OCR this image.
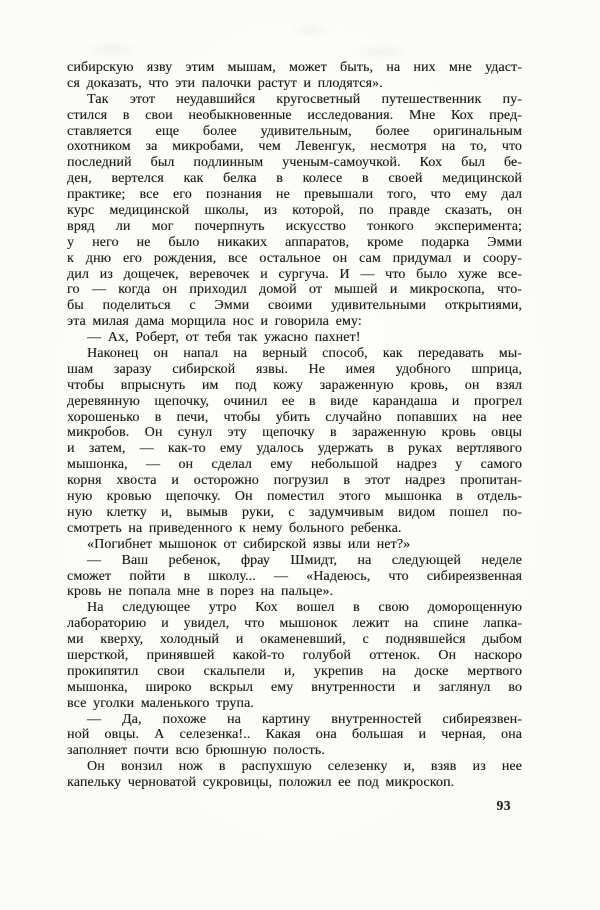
сибирскую язву этим мышам, может быть, на них мне удаст-
ся доказать, что эти палочки растут и плодятся».
Так этот неудавшийся кругосветный путешественник пу-
стился в свои необыкновенные исследования. Мне Кох пред-
ставляется еще более удивительным, более оригинальным
охотником за микробами, чем Левенгук, несмотря на то, что
последний был подлинным ученым-самоучкой. Кох был бе-
ден, вертелся как белка в колесе в своей медицинской
практике; все его познания не превышали того, что ему дал
курс медицинской школы, из которой, по правде сказать, он
вряд ли мог почерпнуть искусство тонкого эксперимента;
у него не было никаких аппаратов, кроме подарка Эмми
к дню его рождения, все остальное он сам придумал и соору-
дил из дощечек, веревочек и сургуча. И — что было хуже все-
го — когда он приходил домой от мышей и микроскопа, что-
бы поделиться с Эмми своими удивительными открытиями,
эта милая дама морщила нос и говорила ему:
— Ах, Роберт, от тебя так ужасно пахнет!
Наконец он напал на верный способ, как передавать мы-
шам заразу сибирской язвы. Не имея удобного шприца,
чтобы впрыснуть им под кожу зараженную кровь, он взял
деревянную щепочку, очинил ее в виде карандаша и прогрел
хорошенько в печи, чтобы убить случайно попавших на нее
микробов. Он сунул эту щепочку в зараженную кровь овцы
и затем, — как-то ему удалось удержать в руках вертлявого
мышонка, — он сделал ему небольшой надрез у самого
корня хвоста и осторожно погрузил в этот надрез пропитан-
ную кровью щепочку. Он поместил этого мышонка в отдель-
ную клетку и, вымыв руки, с задумчивым видом пошел по-
смотреть на приведенного к нему больного ребенка.
«Погибнет мышонок от сибирской язвы или нет?»
— Ваш ребенок, фрау Шмидт, на следующей неделе
сможет пойти в школу... — «Надеюсь, что сибиреязвенная
кровь не попала мне в порез на пальце».
На следующее утро Кох вошел в свою доморощенную
лабораторию и увидел, что мышонок лежит на спине лапка-
ми кверху, холодный и окаменевший, с поднявшейся дыбом
шерсткой, принявшей какой-то голубой оттенок. Он наскоро
прокипятил свои скальпели и, укрепив на доске мертвого
мышонка, широко вскрыл ему внутренности и заглянул во
все уголки маленького трупа.
— Да, похоже на картину внутренностей сибиреязвен-
ной овцы. А селезенка!.. Какая она большая и черная, она
заполняет почти всю брюшную полость.
Он вонзил нож в распухшую селезенку и, взяв из нее
капельку черноватой сукровицы, положил ее под микроскоп.
93
